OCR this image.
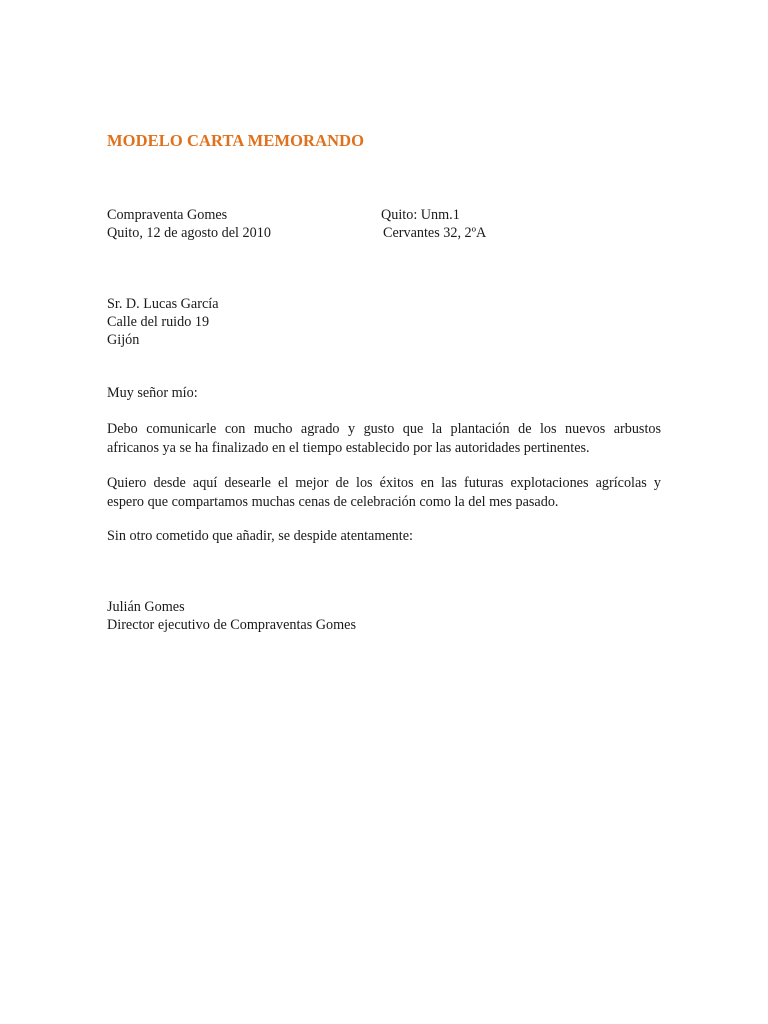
MODELO CARTA MEMORANDO
Compraventa Gomes
Quito, 12 de agosto del 2010
Quito: Unm.1
Cervantes 32, 2ºA
Sr. D. Lucas García
Calle del ruido 19
Gijón
Muy señor mío:
Debo comunicarle con mucho agrado y gusto que la plantación de los nuevos arbustos
africanos ya se ha finalizado en el tiempo establecido por las autoridades pertinentes.
Quiero desde aquí desearle el mejor de los éxitos en las futuras explotaciones agrícolas y
espero que compartamos muchas cenas de celebración como la del mes pasado.
Sin otro cometido que añadir, se despide atentamente:
Julián Gomes
Director ejecutivo de Compraventas Gomes
